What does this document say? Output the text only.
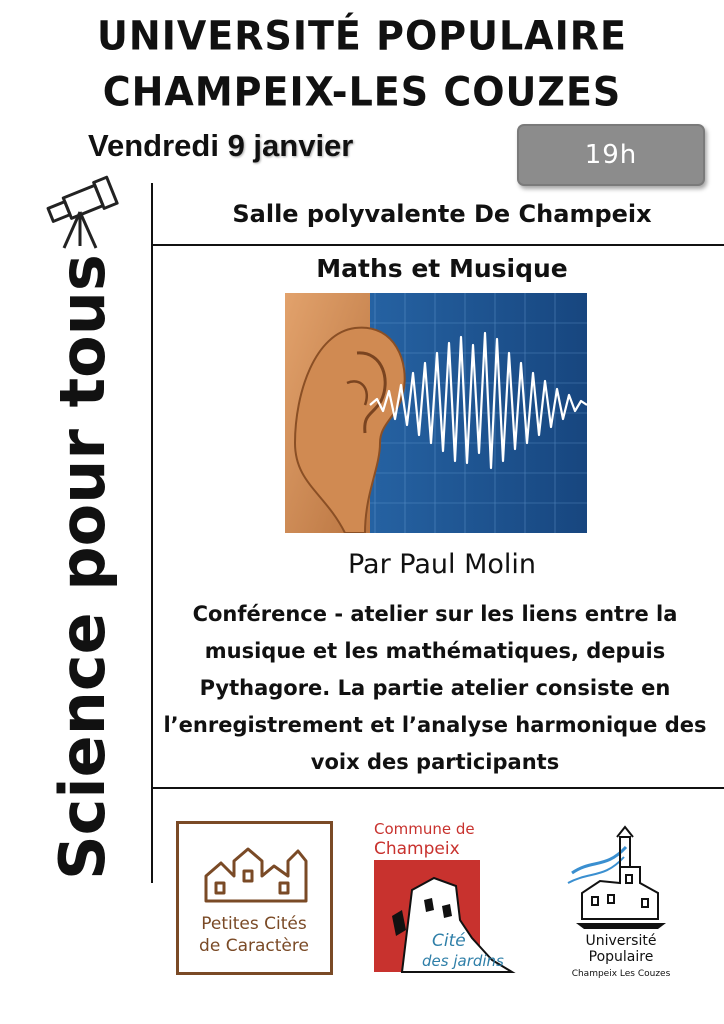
UNIVERSITÉ POPULAIRE
CHAMPEIX-LES COUZES
Vendredi 9 janvier	19h
Science pour tous
Salle polyvalente De Champeix
Maths et Musique
Par Paul Molin
Conférence - atelier sur les liens entre la musique et les mathématiques, depuis Pythagore. La partie atelier consiste en l’enregistrement et l’analyse harmonique des voix des participants
Petites Cités
de Caractère
Commune de
Champeix
Cité
des jardins
Université
Populaire
Champeix Les Couzes
